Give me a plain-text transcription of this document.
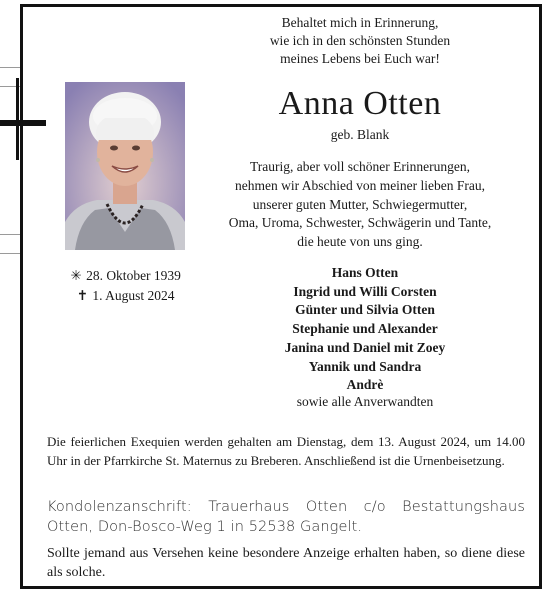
Behaltet mich in Erinnerung,
wie ich in den schönsten Stunden
meines Lebens bei Euch war!
Anna Otten
geb. Blank
Traurig, aber voll schöner Erinnerungen,
nehmen wir Abschied von meiner lieben Frau,
unserer guten Mutter, Schwiegermutter,
Oma, Uroma, Schwester, Schwägerin und Tante,
die heute von uns ging.
✳ 28. Oktober 1939
✝ 1. August 2024
Hans Otten
Ingrid und Willi Corsten
Günter und Silvia Otten
Stephanie und Alexander
Janina und Daniel mit Zoey
Yannik und Sandra
Andrè
sowie alle Anverwandten
Die feierlichen Exequien werden gehalten am Dienstag, dem 13. August 2024, um 14.00 Uhr in der Pfarrkirche St. Maternus zu Breberen. Anschließend ist die Urnenbeisetzung.
Kondolenzanschrift: Trauerhaus Otten c/o Bestattungshaus Otten, Don-Bosco-Weg 1 in 52538 Gangelt.
Sollte jemand aus Versehen keine besondere Anzeige erhalten haben, so diene diese als solche.
